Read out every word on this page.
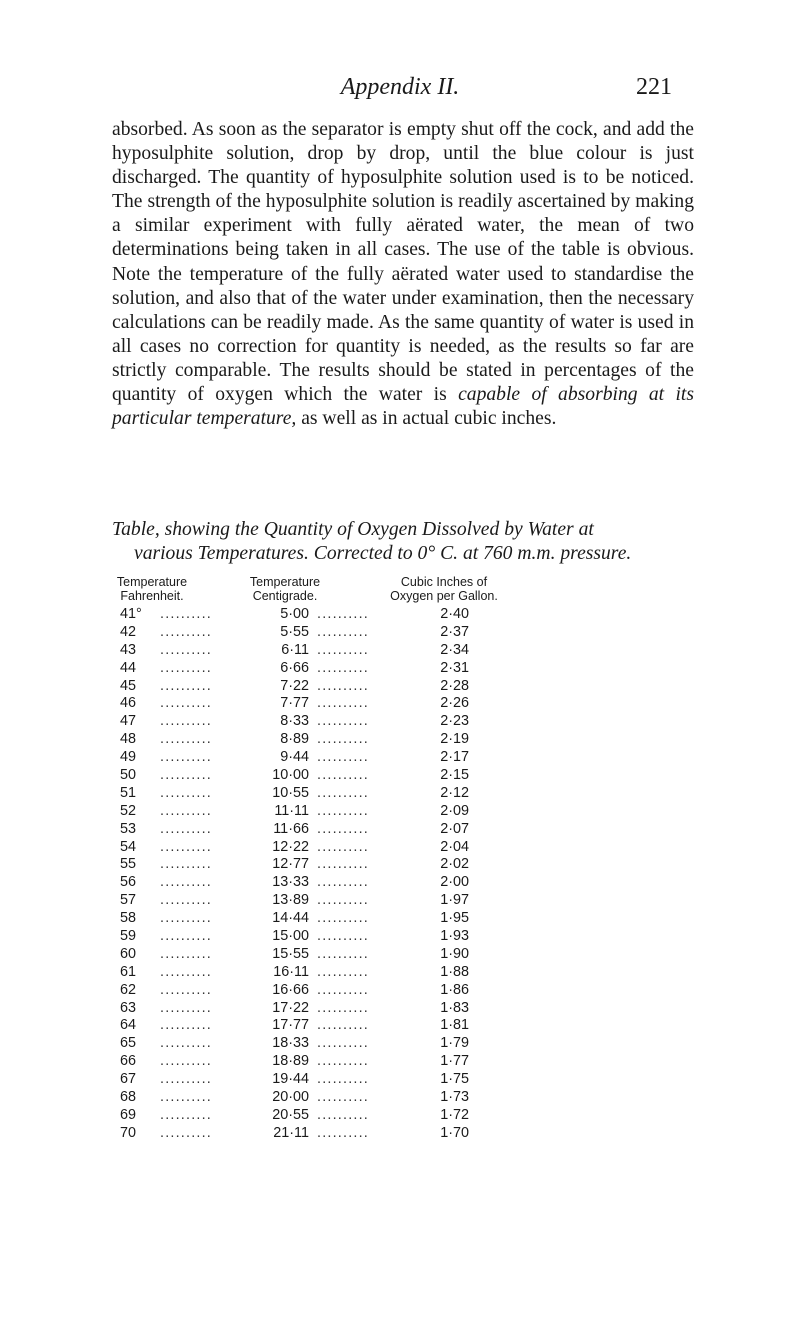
Appendix II.	221

absorbed. As soon as the separator is empty shut off the cock, and add the hyposulphite solution, drop by drop, until the blue colour is just discharged. The quantity of hyposulphite solution used is to be noticed. The strength of the hyposulphite solution is readily ascertained by making a similar experiment with fully aërated water, the mean of two determinations being taken in all cases. The use of the table is obvious. Note the temperature of the fully aërated water used to standardise the solution, and also that of the water under examination, then the necessary calculations can be readily made. As the same quantity of water is used in all cases no correction for quantity is needed, as the results so far are strictly comparable. The results should be stated in percentages of the quantity of oxygen which the water is capable of absorbing at its particular temperature, as well as in actual cubic inches.

Table, showing the Quantity of Oxygen Dissolved by Water at
various Temperatures. Corrected to 0° C. at 760 m.m. pressure.
Temperature
Fahrenheit.
Temperature
Centigrade.
Cubic Inches of
Oxygen per Gallon.
41°	..........	5·00 ..........	2·40
42	..........	5·55 ..........	2·37
43	..........	6·11 ..........	2·34
44	..........	6·66 ..........	2·31
45	..........	7·22 ..........	2·28
46	..........	7·77 ..........	2·26
47	..........	8·33 ..........	2·23
48	..........	8·89 ..........	2·19
49	..........	9·44 ..........	2·17
50	..........	10·00 ..........	2·15
51	..........	10·55 ..........	2·12
52	..........	11·11 ..........	2·09
53	..........	11·66 ..........	2·07
54	..........	12·22 ..........	2·04
55	..........	12·77 ..........	2·02
56	..........	13·33 ..........	2·00
57	..........	13·89 ..........	1·97
58	..........	14·44 ..........	1·95
59	..........	15·00 ..........	1·93
60	..........	15·55 ..........	1·90
61	..........	16·11 ..........	1·88
62	..........	16·66 ..........	1·86
63	..........	17·22 ..........	1·83
64	..........	17·77 ..........	1·81
65	..........	18·33 ..........	1·79
66	..........	18·89 ..........	1·77
67	..........	19·44 ..........	1·75
68	..........	20·00 ..........	1·73
69	..........	20·55 ..........	1·72
70	..........	21·11 ..........	1·70
